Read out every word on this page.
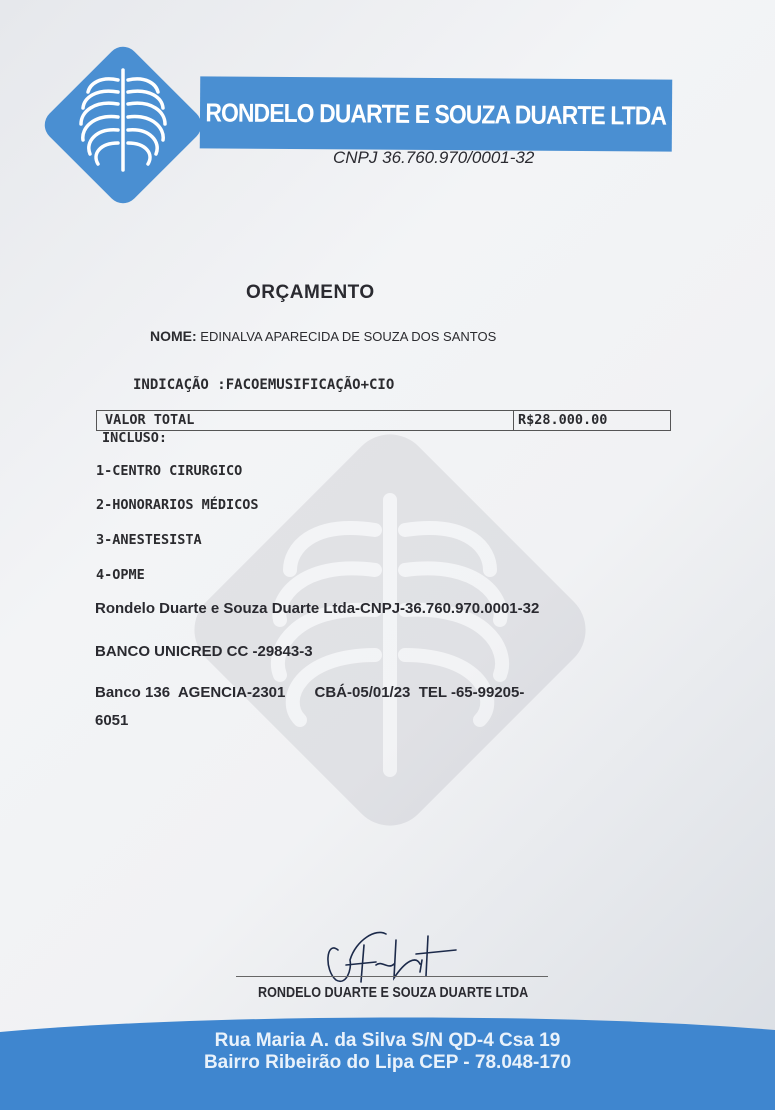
RONDELO DUARTE E SOUZA DUARTE LTDA
CNPJ 36.760.970/0001-32
ORÇAMENTO
NOME: EDINALVA APARECIDA DE SOUZA DOS SANTOS
INDICAÇÃO :FACOEMUSIFICAÇÃO+CIO
VALOR TOTAL	R$28.000.00
INCLUSO:
1-CENTRO CIRURGICO
2-HONORARIOS MÉDICOS
3-ANESTESISTA
4-OPME
Rondelo Duarte e Souza Duarte Ltda-CNPJ-36.760.970.0001-32
BANCO UNICRED CC -29843-3
Banco 136  AGENCIA-2301       CBÁ-05/01/23  TEL -65-99205-
6051
RONDELO DUARTE E SOUZA DUARTE LTDA
Rua Maria A. da Silva S/N QD-4 Csa 19
Bairro Ribeirão do Lipa CEP - 78.048-170
